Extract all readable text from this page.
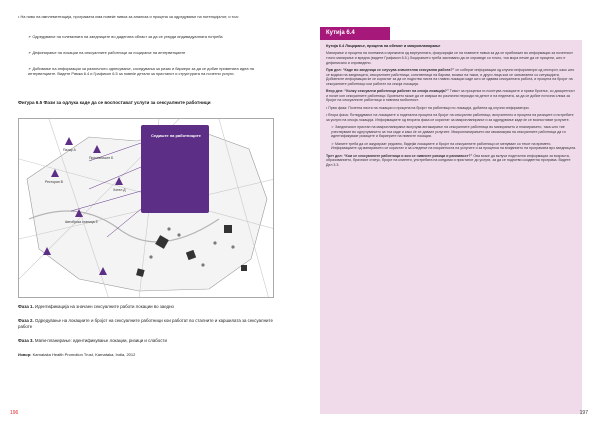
• На ниво на имплементација, програмата има повеќе нивоа за анализа и процена за одредување на потенцијалот, и тоа:

➢ Одредување на големината на заедниците во дадената област за да се утврди индивидуалната потреба

➢ Дефинирање на локации на сексуалните работници за лоцирање на интервенциите

➢ Добивање на информации за различното однесување, соседувања за ризик и бариери за да се добие примената идеа на интервенциите. Видете Рамка 6.4 и Графикон 6.5 за повеќе детали за пристапот и структурата на почетни услуги.

Фигура 6.5 Фази за одлука каде да се воспостават услуги за сексуалните работници
Седиште на работниците
Пазар А
Пристаниште Б
Ресторан В
Хотел Д
Автобуска станица Е
Фаза 1. Идентификација на значаен сексуалните работи локации во заедно
Фаза 2. Одредување на локациите и бројот на сексуалните работници кои работат во сталните и каршилата за сексуалните работе
Фаза 3. Мапи-планирање: идентификување локации, ризици и слабости
Извор: Karnataka Health Promotion Trust, Karnataka, India, 2012
196
Кутија 6.4

Кутија 6.4 Лоцирање, процена на обемот и микропланирање

Мапирање и процена на големина и мрежната од виртуелната, фокусирајќи се на главните нивоа за да се приближат во информации за почетниот точно мапирање и вредна (видете Графикон 6.5.) Лоцирањето треба засновано да се спроведе со точно, тоа мора нечие да се прицени, што е дефинисано и спроведено.

Прв дел: “Каде во заедница се случува значителна сексуална работа?” се соберат информации од клучни информатори од секторот, како што се водачи на заедницата, сексуалните работници, сопственици на барови, возачи на такси, и други лица кои се запознаени со ситуацијата. Добиените информации ќе се користат за да се подготви листа на главни локации каде што се одвива сексуалната работа, и процена на бројот на сексуалните работници кои работат на секоја локација.

Втор дел: “Колку сексуални работници работат на секоја локација?” Тимот за проценка ги посетува локациите и прави броење, со дискретност и почит кон сексуалните работници. Броењето може да се изврши во различни периоди на денот и на неделата, за да се добие поточна слика за бројот на сексуалните работници и нивната мобилност.

• Прва фаза: Почетна листа на локации и процена на бројот на работници по локација, добиена од клучни информатори.

• Втора фаза: Потврдување на локациите и подетална процена на бројот на сексуални работници, вклучително и процена на ризиците и потребите за услуги на секоја локација. Информациите од втората фаза се користат за микропланирање и за одредување каде ќе се воспостават услугите.

➢ Заедничкиот пристап на микропланирање вклучува ангажирање на сексуалните работници во мапирањето и планирањето, така што тие учествуваат во одлучувањето за тоа каде и како ќе се даваат услугите. Микропланирањето им овозможува на сексуалните работници да ги идентификуваат ризиците и бариерите на нивните локации.

➢ Мапите треба да се ажурираат редовно, бидејќи локациите и бројот на сексуалните работници се менуваат со текот на времето. Информациите од мапирањето се користат и за следење на покриеноста на услугите и за проценка на влијанието на програмата врз заедницата.

Трет дел: “Кои се сексуалните работници и кои се нивните ризици и ранливост?” Ова може да вклучи подетални информации за возраста, образованието, брачниот статус, бројот на клиенти, употребата на кондоми и пристапот до услуги, за да се подготви соодветна програма. Видете Дел 3.3.

197
